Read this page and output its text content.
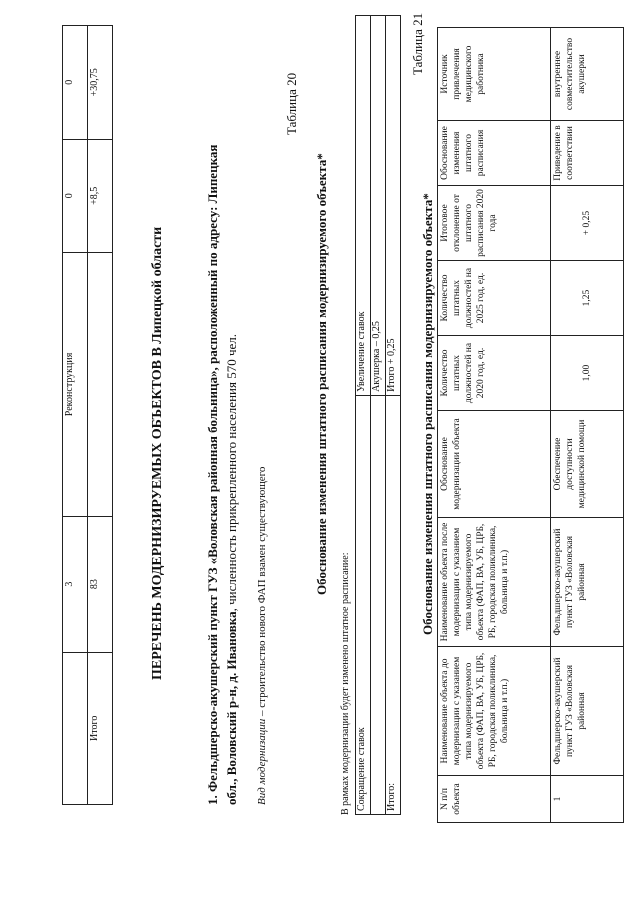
	3	Реконструкция	0	0
Итого	83		+8,5	+30,75
ПЕРЕЧЕНЬ МОДЕРНИЗИРУЕМЫХ ОБЪЕКТОВ В Липецкой области	1. Фельдшерско-акушерский пункт ГУЗ «Воловская районная больница», расположенный по адресу: Липецкая обл., Воловский р-н, д. Ивановка, численность прикрепленного населения 570 чел.
Вид модернизации – строительство нового ФАП взамен существующего
Таблица 20
Обоснование изменения штатного расписания модернизируемого объекта*
В рамках модернизации будет изменено штатное расписание: Сокращение ставок	Увеличение ставок
	Акушерка – 0,25
Итого:	Итого + 0,25
Таблица 21
Обоснование изменения штатного расписания модернизируемого объекта*
N п/п объекта	Наименование объекта до модернизации с указанием типа модернизируемого объекта (ФАП, ВА, УБ, ЦРБ, РБ, городская поликлиника, больница и т.п.)	Наименование объекта после модернизации с указанием типа модернизируемого объекта (ФАП, ВА, УБ, ЦРБ, РБ, городская поликлиника, больница и т.п.)	Обоснование модернизации объекта	Количество штатных должностей на 2020 год, ед.	Количество штатных должностей на 2025 год, ед.	Итоговое отклонение от штатного расписания 2020 года	Обоснование изменения штатного расписания	Источник привлечения медицинского работника
1	Фельдшерско-акушерский пункт ГУЗ «Воловская районная	Фельдшерско-акушерский пункт ГУЗ «Воловская районная	Обеспечение доступности медицинской помощи	1,00	1,25	+ 0,25	Приведение в соответствии	внутреннее совместительство акушерки
